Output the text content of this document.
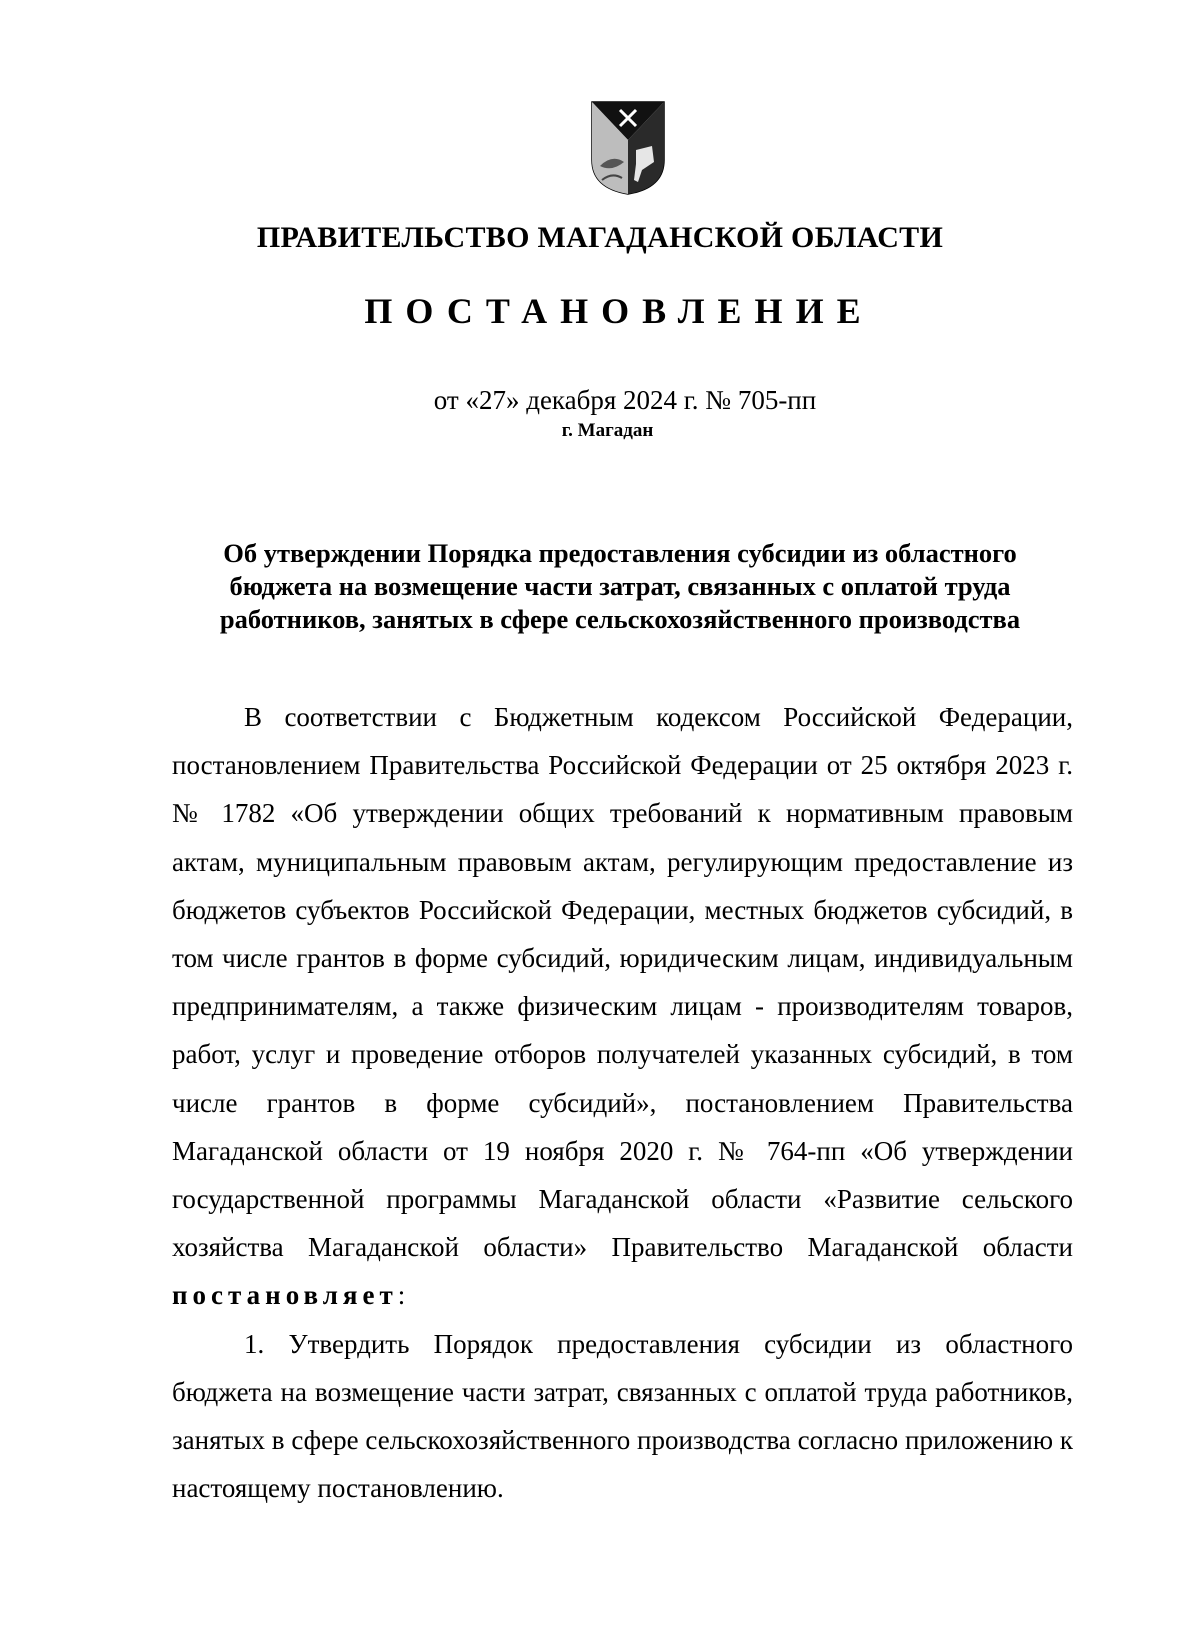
ПРАВИТЕЛЬСТВО МАГАДАНСКОЙ ОБЛАСТИ
ПОСТАНОВЛЕНИЕ
от «27» декабря 2024 г. № 705-пп
г. Магадан
Об утверждении Порядка предоставления субсидии из областного бюджета на возмещение части затрат, связанных с оплатой труда работников, занятых в сфере сельскохозяйственного производства

В соответствии с Бюджетным кодексом Российской Федерации, постановлением Правительства Российской Федерации от 25 октября 2023 г. № 1782 «Об утверждении общих требований к нормативным правовым актам, муниципальным правовым актам, регулирующим предоставление из бюджетов субъектов Российской Федерации, местных бюджетов субсидий, в том числе грантов в форме субсидий, юридическим лицам, индивидуальным предпринимателям, а также физическим лицам - производителям товаров, работ, услуг и проведение отборов получателей указанных субсидий, в том числе грантов в форме субсидий», постановлением Правительства Магаданской области от 19 ноября 2020 г. № 764-пп «Об утверждении государственной программы Магаданской области «Развитие сельского хозяйства Магаданской области» Правительство Магаданской области постановляет:

1. Утвердить Порядок предоставления субсидии из областного бюджета на возмещение части затрат, связанных с оплатой труда работников, занятых в сфере сельскохозяйственного производства согласно приложению к настоящему постановлению.
